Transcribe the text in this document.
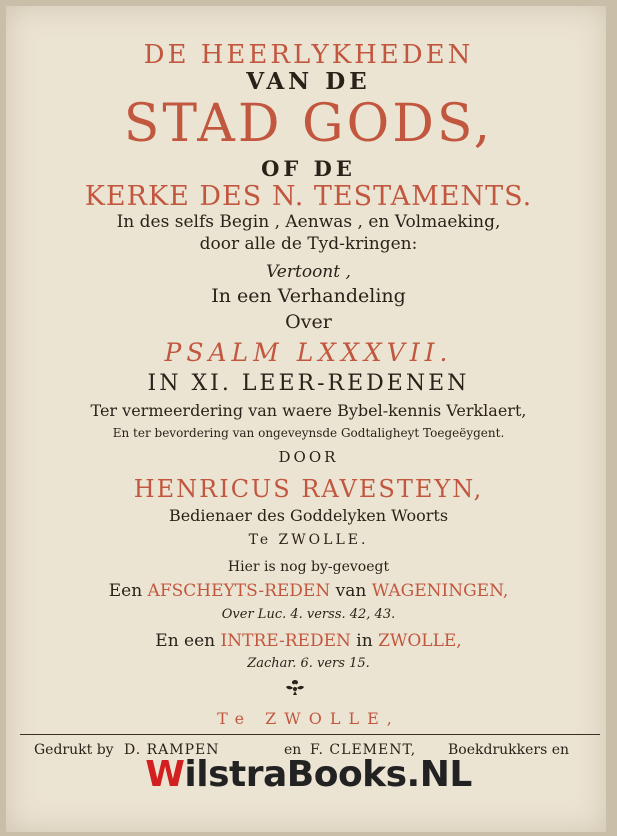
DE HEERLYKHEDEN
VAN DE
STAD GODS,
OF DE
KERKE DES N. TESTAMENTS.
In des selfs Begin , Aenwas , en Volmaeking,
door alle de Tyd-kringen:
Vertoont ,
In een Verhandeling
Over
PSALM LXXXVII.
IN XI. LEER-REDENEN
Ter vermeerdering van waere Bybel-kennis Verklaert,
En ter bevordering van ongeveynsde Godtaligheyt Toegeëygent.
DOOR
HENRICUS RAVESTEYN,
Bedienaer des Goddelyken Woorts
Te ZWOLLE.
Hier is nog by-gevoegt
Een AFSCHEYTS-REDEN van WAGENINGEN,
Over Luc. 4. verss. 42, 43.
En een INTRE-REDEN in ZWOLLE,
Zachar. 6. vers 15.
Te ZWOLLE,
Gedrukt by D. RAMPEN	en F. CLEMENT, Boekdrukkers en
WilstraBooks.NL
